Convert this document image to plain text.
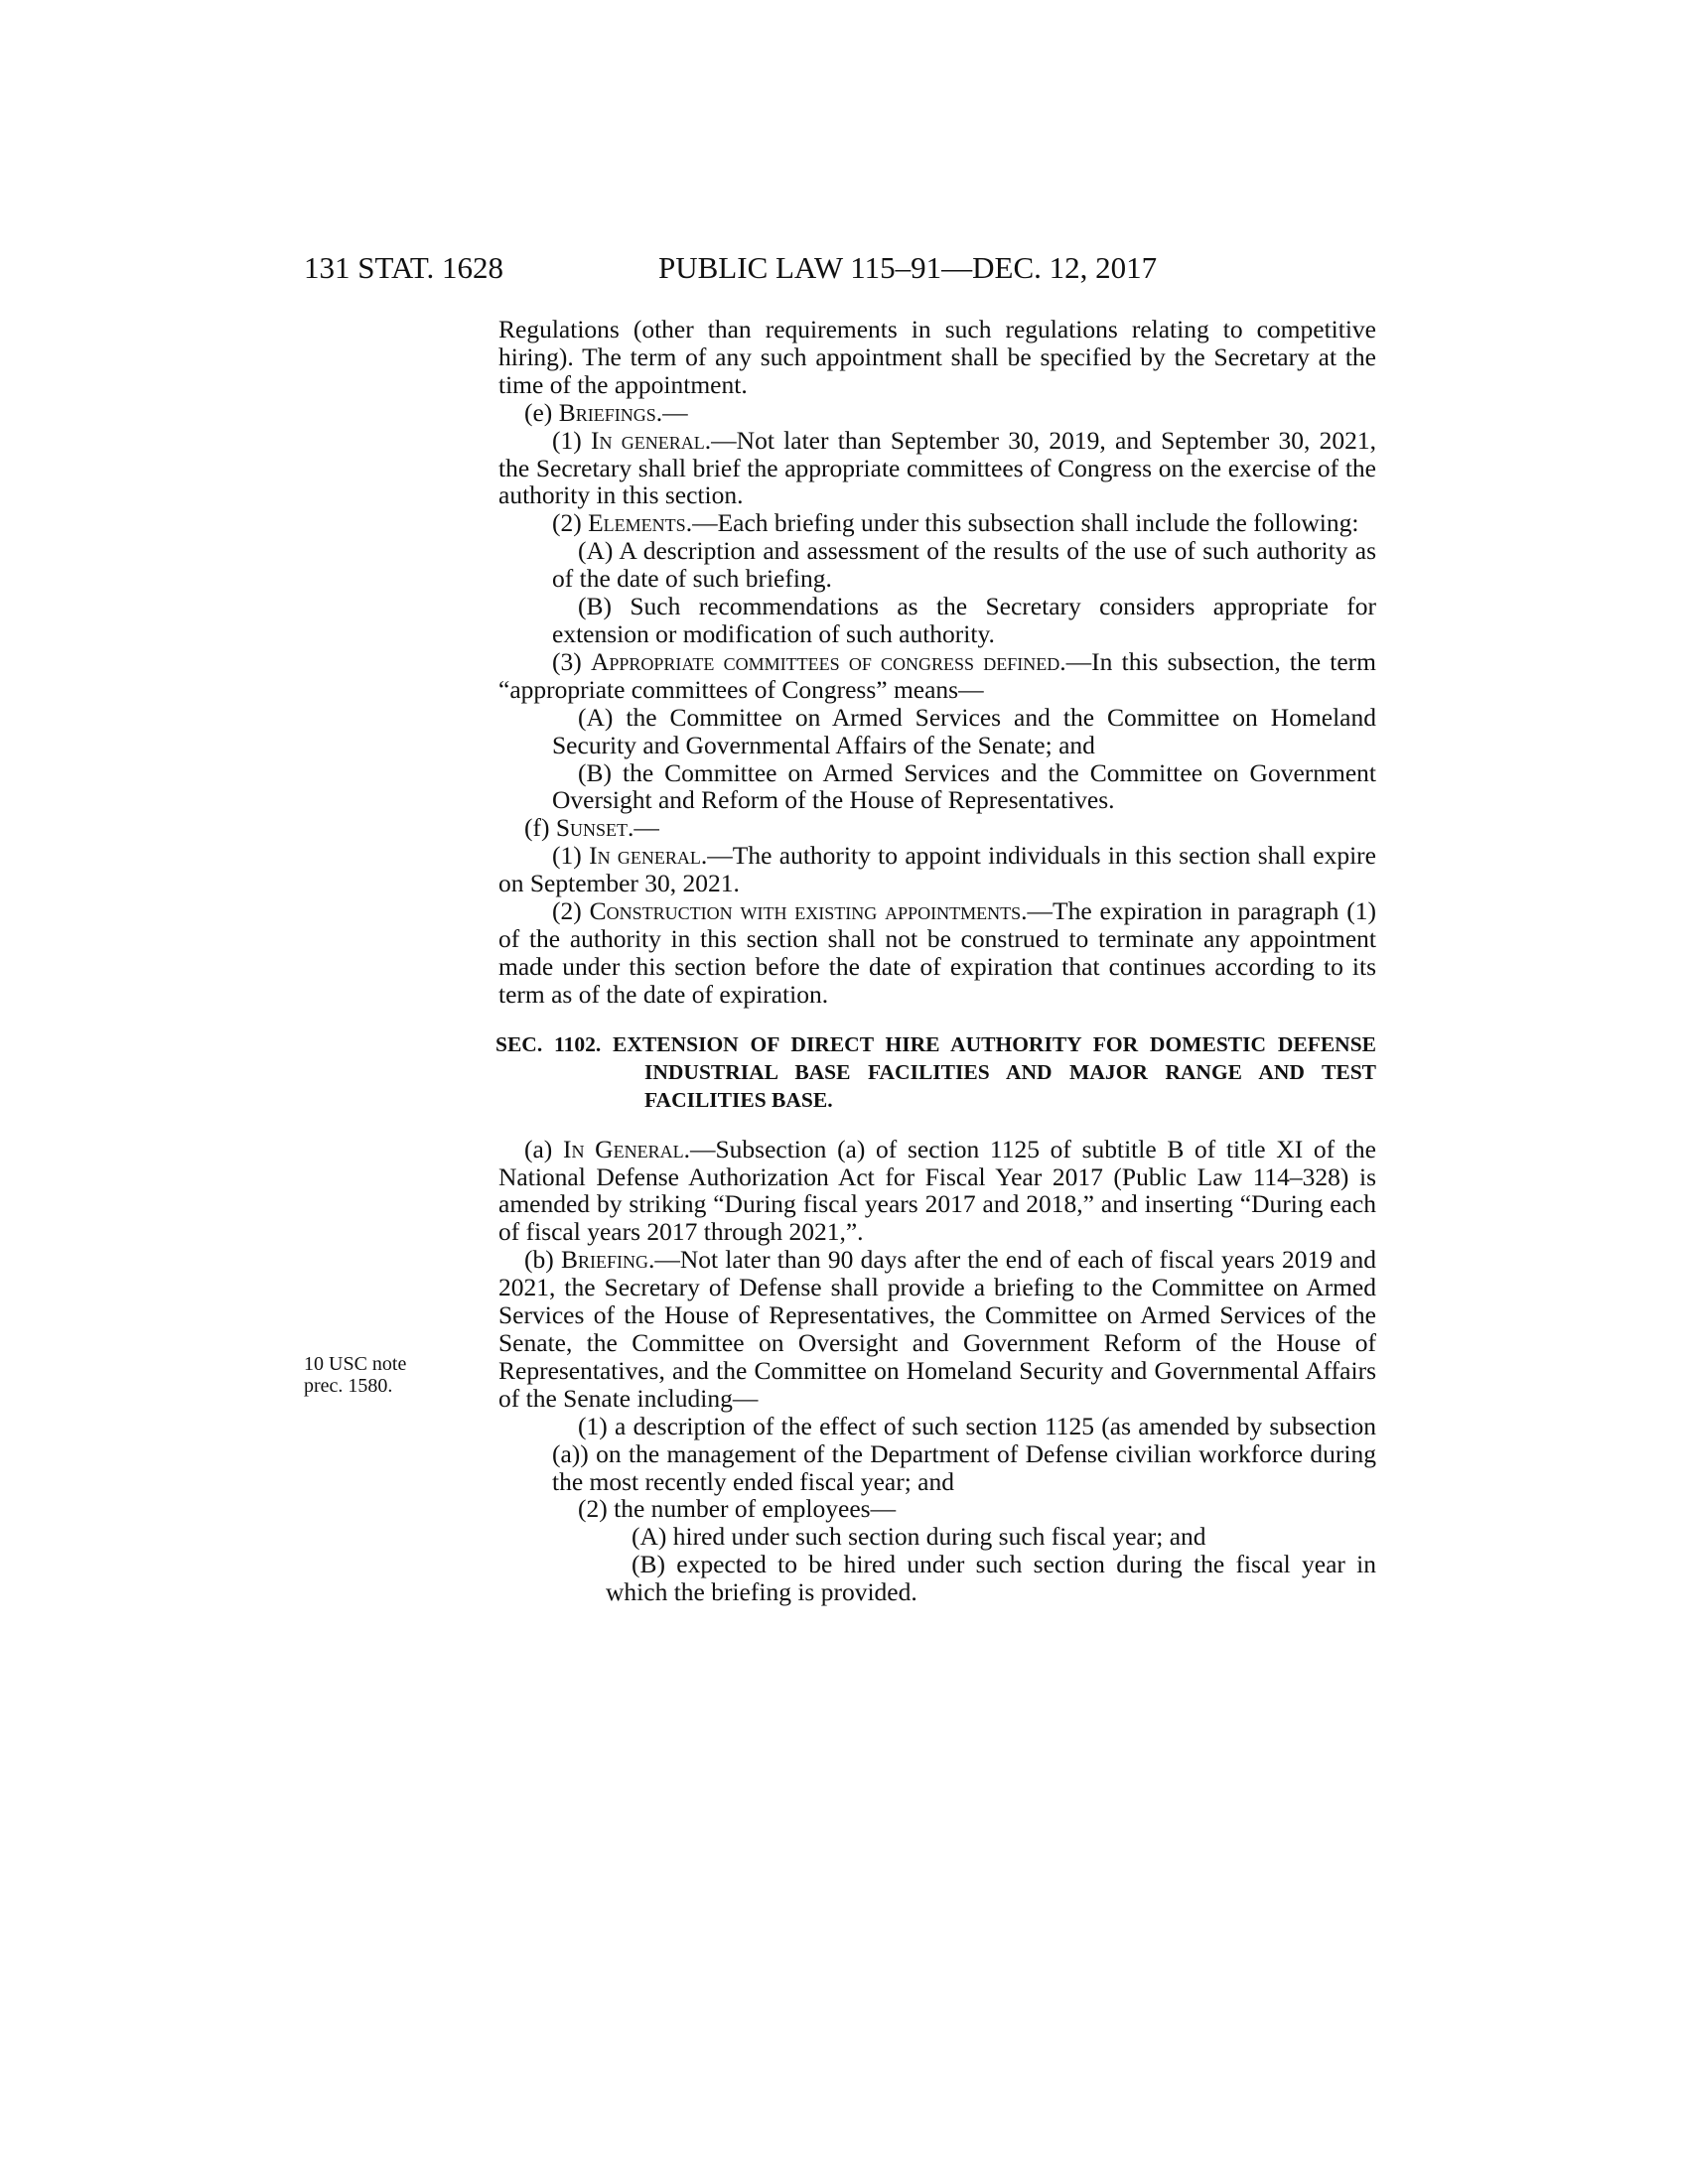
131 STAT. 1628	PUBLIC LAW 115–91—DEC. 12, 2017
10 USC note
prec. 1580.

Regulations (other than requirements in such regulations relating to competitive hiring). The term of any such appointment shall be specified by the Secretary at the time of the appointment.

(e) Briefings.—

(1) In general.—Not later than September 30, 2019, and September 30, 2021, the Secretary shall brief the appropriate committees of Congress on the exercise of the authority in this section.

(2) Elements.—Each briefing under this subsection shall include the following:

(A) A description and assessment of the results of the use of such authority as of the date of such briefing.

(B) Such recommendations as the Secretary considers appropriate for extension or modification of such authority.

(3) Appropriate committees of congress defined.—In this subsection, the term “appropriate committees of Congress” means—

(A) the Committee on Armed Services and the Committee on Homeland Security and Governmental Affairs of the Senate; and

(B) the Committee on Armed Services and the Committee on Government Oversight and Reform of the House of Representatives.

(f) Sunset.—

(1) In general.—The authority to appoint individuals in this section shall expire on September 30, 2021.

(2) Construction with existing appointments.—The expiration in paragraph (1) of the authority in this section shall not be construed to terminate any appointment made under this section before the date of expiration that continues according to its term as of the date of expiration.

SEC. 1102. EXTENSION OF DIRECT HIRE AUTHORITY FOR DOMESTIC DEFENSE INDUSTRIAL BASE FACILITIES AND MAJOR RANGE AND TEST FACILITIES BASE.

(a) In General.—Subsection (a) of section 1125 of subtitle B of title XI of the National Defense Authorization Act for Fiscal Year 2017 (Public Law 114–328) is amended by striking “During fiscal years 2017 and 2018,” and inserting “During each of fiscal years 2017 through 2021,”.

(b) Briefing.—Not later than 90 days after the end of each of fiscal years 2019 and 2021, the Secretary of Defense shall provide a briefing to the Committee on Armed Services of the House of Representatives, the Committee on Armed Services of the Senate, the Committee on Oversight and Government Reform of the House of Representatives, and the Committee on Homeland Security and Governmental Affairs of the Senate including—

(1) a description of the effect of such section 1125 (as amended by subsection (a)) on the management of the Department of Defense civilian workforce during the most recently ended fiscal year; and

(2) the number of employees—

(A) hired under such section during such fiscal year; and

(B) expected to be hired under such section during the fiscal year in which the briefing is provided.
